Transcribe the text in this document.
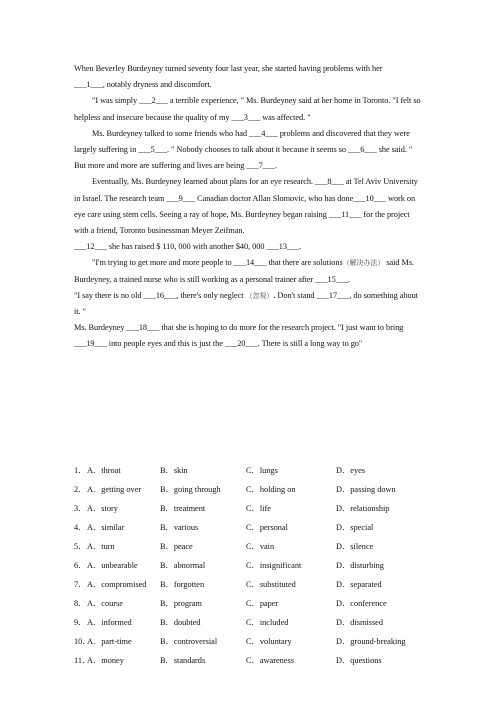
When Beverley Burdeyney turned seventy four last year, she started having problems with her
___1___, notably dryness and discomfort.

"I was simply ___2___ a terrible experience, " Ms. Burdeyney said at her home in Toronto. "I felt so helpless and insecure because the quality of my ___3___ was affected. "

Ms. Burdeyney talked to some friends who had ___4___ problems and discovered that they were largely suffering in ___5___. " Nobody chooses to talk about it because it seems so ___6___ she said. " But more and more are suffering and lives are being ___7___.

Eventually, Ms. Burdeyney learned about plans for an eye research. ___8___ at Tel Aviv University in Israel. The research team ___9___ Canadian doctor Allan Slomovic, who has done___10___ work on eye care using stem cells. Seeing a ray of hope, Ms. Burdeyney began raising ___11___ for the project with a friend, Toronto businessman Meyer Zeifman.

___12___ she has raised $ 110, 000 with another $40, 000 ___13___.

"I'm trying to get more and more people to ___14___ that there are solutions（解决办法） said Ms. Burdeyney, a trained nurse who is still working as a personal trainer after ___15___.

"I say there is no old ___16___, there's only neglect （忽视）. Don't stand ___17___, do something about it. "

Ms. Burdeyney ___18___ that she is hoping to do more for the research project. "I just want to bring ___19___ into people eyes and this is just the ___20___. There is still a long way to go"

1． A．throat	B．skin	C．lungs	D．eyes
2． A．getting over B．going through	C．holding on	D．passing down
3． A．story	B．treatment	C．life	D．relationship
4． A．similar	B．various	C．personal	D．special
5． A．turn	B．peace	C．vain	D．silence
6． A．unbearable	B．abnormal	C．insignificant	D．disturbing
7． A．compromised B．forgotten	C．substituted	D．separated
8． A．course	B．program	C．paper	D．conference
9． A．informed	B．doubted	C．included	D．dismissed
10．
A．part-time	B．controversial	C．voluntary	D．ground-breaking
11．
A．money	B．standards	C．awareness	D．questions
